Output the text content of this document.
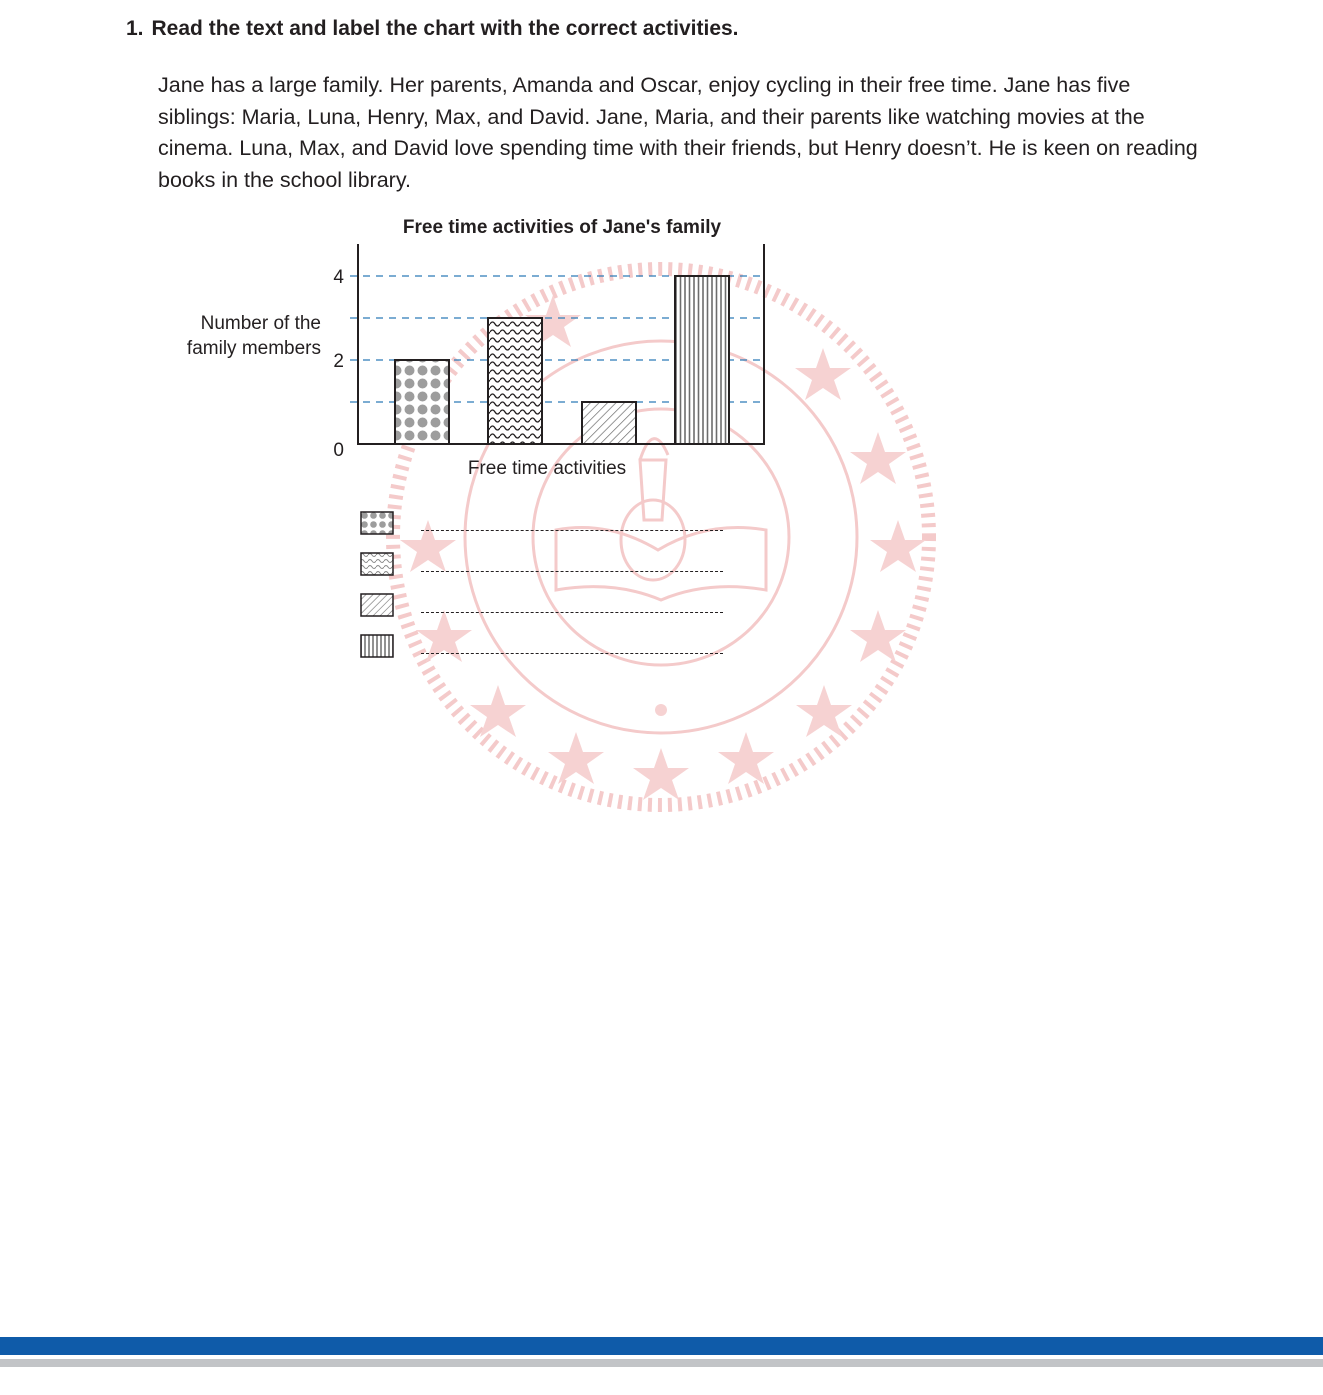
1. Read the text and label the chart with the correct activities.
Jane has a large family. Her parents, Amanda and Oscar, enjoy cycling in their free time. Jane has five siblings: Maria, Luna, Henry, Max, and David. Jane, Maria, and their parents like watching movies at the cinema. Luna, Max, and David love spending time with their friends, but Henry doesn’t. He is keen on reading books in the school library.
Free time activities of Jane's family
0
2
4
Number of the
family members
Free time activities
